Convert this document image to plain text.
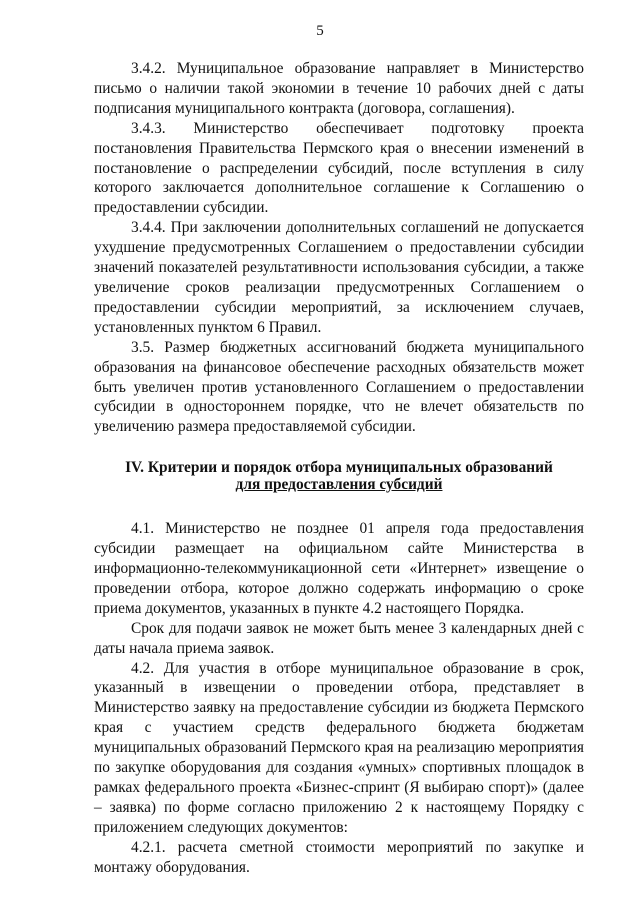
5

3.4.2. Муниципальное образование направляет в Министерство письмо о наличии такой экономии в течение 10 рабочих дней с даты подписания муниципального контракта (договора, соглашения).

3.4.3. Министерство обеспечивает подготовку проекта постановления Правительства Пермского края о внесении изменений в постановление о распределении субсидий, после вступления в силу которого заключается дополнительное соглашение к Соглашению о предоставлении субсидии.

3.4.4. При заключении дополнительных соглашений не допускается ухудшение предусмотренных Соглашением о предоставлении субсидии значений показателей результативности использования субсидии, а также увеличение сроков реализации предусмотренных Соглашением о предоставлении субсидии мероприятий, за исключением случаев, установленных пунктом 6 Правил.

3.5. Размер бюджетных ассигнований бюджета муниципального образования на финансовое обеспечение расходных обязательств может быть увеличен против установленного Соглашением о предоставлении субсидии в одностороннем порядке, что не влечет обязательств по увеличению размера предоставляемой субсидии.

IV. Критерии и порядок отбора муниципальных образований
для предоставления субсидий

4.1. Министерство не позднее 01 апреля года предоставления субсидии размещает на официальном сайте Министерства в информационно-телекоммуникационной сети «Интернет» извещение о проведении отбора, которое должно содержать информацию о сроке приема документов, указанных в пункте 4.2 настоящего Порядка.

Срок для подачи заявок не может быть менее 3 календарных дней с даты начала приема заявок.

4.2. Для участия в отборе муниципальное образование в срок, указанный в извещении о проведении отбора, представляет в Министерство заявку на предоставление субсидии из бюджета Пермского края с участием средств федерального бюджета бюджетам муниципальных образований Пермского края на реализацию мероприятия по закупке оборудования для создания «умных» спортивных площадок в рамках федерального проекта «Бизнес-спринт (Я выбираю спорт)» (далее – заявка) по форме согласно приложению 2 к настоящему Порядку с приложением следующих документов:

4.2.1. расчета сметной стоимости мероприятий по закупке и монтажу оборудования.
